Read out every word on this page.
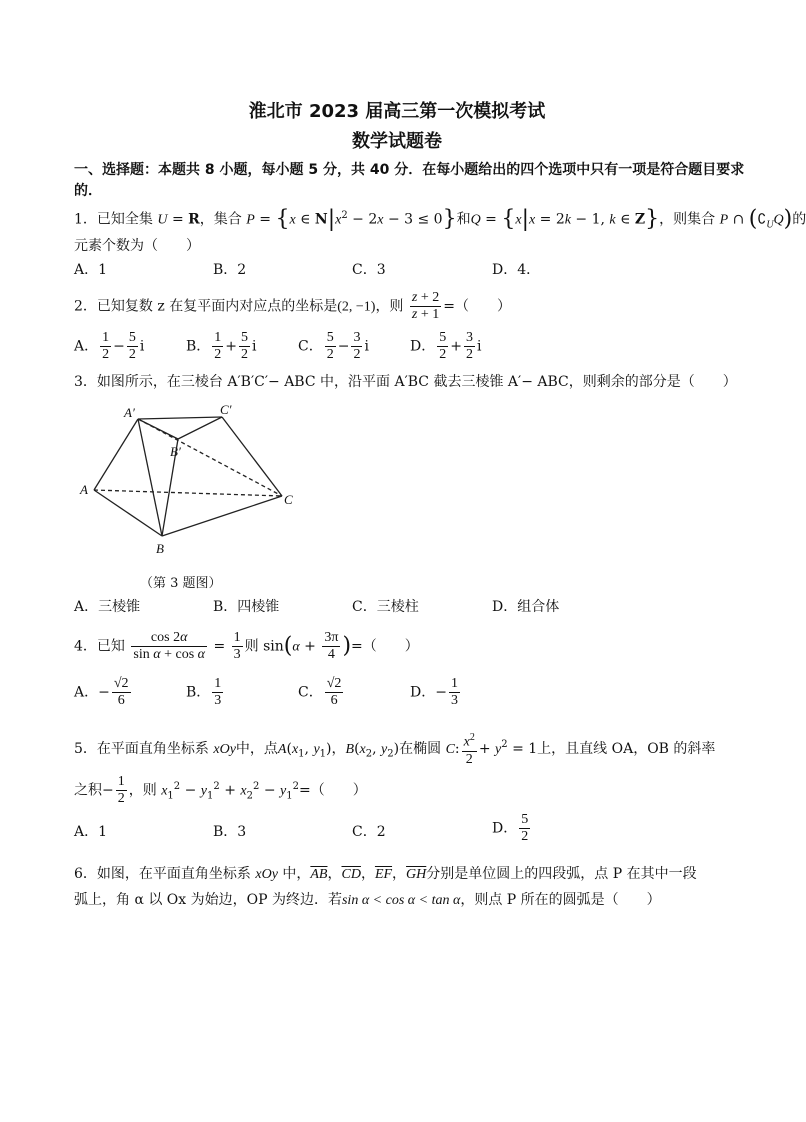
淮北市 2023 届高三第一次模拟考试
数学试题卷
一、选择题：本题共 8 小题，每小题 5 分，共 40 分．在每小题给出的四个选项中只有一项是符合题目要求
的．
1．已知全集 U = R，集合 P = {x ∈ $N|x^2 - 2x - 3 \le 0$}和Q = {x|x = 2k − 1, k ∈ Z}，则集合 P ∩ $(∁_UQ)$的
元素个数为（　　）
A．1	B．2	C．3	D．4．
2．已知复数 z 在复平面内对应点的坐标是(2, −1)，则 $\frac{z + 2}{z + 1}$ =（　　）
A． $\frac{1}{2} - \frac{5}{2}$ i	B． $\frac{1}{2} + \frac{5}{2}$ i	C． $\frac{5}{2} - \frac{3}{2}$ i	D． $\frac{5}{2} + \frac{3}{2}$ i
3．如图所示，在三棱台 A′B′C′− ABC 中，沿平面 A′BC 截去三棱锥 A′− ABC，则剩余的部分是（　　）
A′	C′
B′
A
C
B
（第 3 题图）
A．三棱锥	B．四棱锥	C．三棱柱	D．组合体
4．已知 $\frac{\cos 2\alpha}{\text{sin α + cos α}} = \frac{1}{3}$ 则 $\sin(\alpha + \frac{3\pi}{4}$ )=（　　）
A．− $\frac{√2}{6}$	B． $\frac{1}{3}$	C． $\frac{√2}{6}$	D．− $\frac{1}{3}$
5．在平面直角坐标系 xOy中，点$A(x_1$, $y_1$)，$B(x_2$, $y_2$)在椭圆 C: $\frac{x^2}{2} + y^2 = 1$上，且直线 OA，OB 的斜率
之积− $\frac{1}{2}$ ，则 $x_1^2 - y_1^2 + x_2^2 - y_1^2=$（　　）
A．1	B．3	C．2	D． $\frac{5}{2}$
6．如图，在平面直角坐标系 xOy 中，$\overline{AB}$，$\overline{CD}$，$\overline{EF}$，$\overline{GH}$分别是单位圆上的四段弧，点 P 在其中一段
弧上，角 α 以 Ox 为始边，OP 为终边．若sin α < cos α < tan α，则点 P 所在的圆弧是（　　）
